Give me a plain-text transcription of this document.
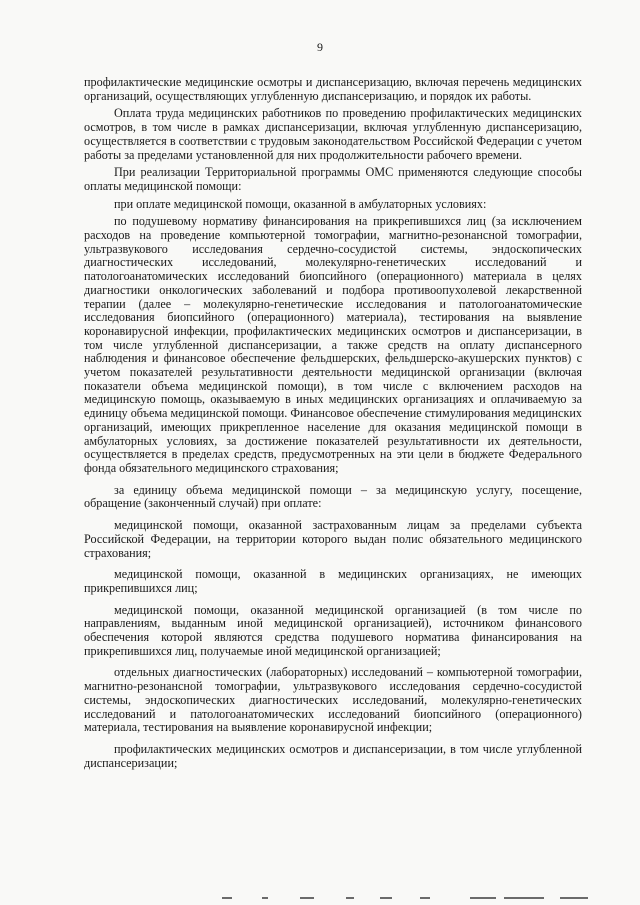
9

профилактические медицинские осмотры и диспансеризацию, включая перечень медицинских организаций, осуществляющих углубленную диспансеризацию, и порядок их работы.

Оплата труда медицинских работников по проведению профилактических медицинских осмотров, в том числе в рамках диспансеризации, включая углубленную диспансеризацию, осуществляется в соответствии с трудовым законодательством Российской Федерации с учетом работы за пределами установленной для них продолжительности рабочего времени.

При реализации Территориальной программы ОМС применяются следующие способы оплаты медицинской помощи:

при оплате медицинской помощи, оказанной в амбулаторных условиях:

по подушевому нормативу финансирования на прикрепившихся лиц (за исключением расходов на проведение компьютерной томографии, магнитно-резонансной томографии, ультразвукового исследования сердечно-сосудистой системы, эндоскопических диагностических исследований, молекулярно-генетических исследований и патологоанатомических исследований биопсийного (операционного) материала в целях диагностики онкологических заболеваний и подбора противоопухолевой лекарственной терапии (далее – молекулярно-генетические исследования и патологоанатомические исследования биопсийного (операционного) материала), тестирования на выявление коронавирусной инфекции, профилактических медицинских осмотров и диспансеризации, в том числе углубленной диспансеризации, а также средств на оплату диспансерного наблюдения и финансовое обеспечение фельдшерских, фельдшерско-акушерских пунктов) с учетом показателей результативности деятельности медицинской организации (включая показатели объема медицинской помощи), в том числе с включением расходов на медицинскую помощь, оказываемую в иных медицинских организациях и оплачиваемую за единицу объема медицинской помощи. Финансовое обеспечение стимулирования медицинских организаций, имеющих прикрепленное население для оказания медицинской помощи в амбулаторных условиях, за достижение показателей результативности их деятельности, осуществляется в пределах средств, предусмотренных на эти цели в бюджете Федерального фонда обязательного медицинского страхования;

за единицу объема медицинской помощи – за медицинскую услугу, посещение, обращение (законченный случай) при оплате:

медицинской помощи, оказанной застрахованным лицам за пределами субъекта Российской Федерации, на территории которого выдан полис обязательного медицинского страхования;

медицинской помощи, оказанной в медицинских организациях, не имеющих прикрепившихся лиц;

медицинской помощи, оказанной медицинской организацией (в том числе по направлениям, выданным иной медицинской организацией), источником финансового обеспечения которой являются средства подушевого норматива финансирования на прикрепившихся лиц, получаемые иной медицинской организацией;

отдельных диагностических (лабораторных) исследований – компьютерной томографии, магнитно-резонансной томографии, ультразвукового исследования сердечно-сосудистой системы, эндоскопических диагностических исследований, молекулярно-генетических исследований и патологоанатомических исследований биопсийного (операционного) материала, тестирования на выявление коронавирусной инфекции;

профилактических медицинских осмотров и диспансеризации, в том числе углубленной диспансеризации;
